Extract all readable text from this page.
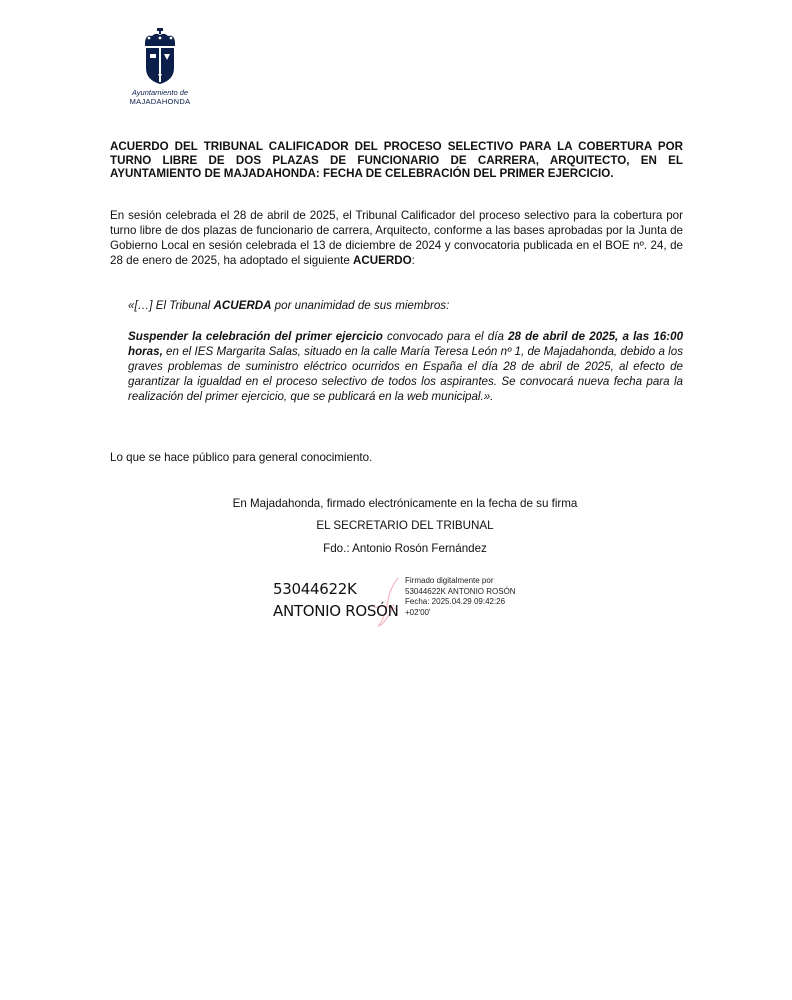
Ayuntamiento de
MAJADAHONDA
ACUERDO DEL TRIBUNAL CALIFICADOR DEL PROCESO SELECTIVO PARA LA COBERTURA POR TURNO LIBRE DE DOS PLAZAS DE FUNCIONARIO DE CARRERA, ARQUITECTO, EN EL AYUNTAMIENTO DE MAJADAHONDA: FECHA DE CELEBRACIÓN DEL PRIMER EJERCICIO.
En sesión celebrada el 28 de abril de 2025, el Tribunal Calificador del proceso selectivo para la cobertura por turno libre de dos plazas de funcionario de carrera, Arquitecto, conforme a las bases aprobadas por la Junta de Gobierno Local en sesión celebrada el 13 de diciembre de 2024 y convocatoria publicada en el BOE nº. 24, de 28 de enero de 2025, ha adoptado el siguiente ACUERDO:
«[…] El Tribunal ACUERDA por unanimidad de sus miembros:
Suspender la celebración del primer ejercicio convocado para el día 28 de abril de 2025, a las 16:00 horas, en el IES Margarita Salas, situado en la calle María Teresa León nº 1, de Majadahonda, debido a los graves problemas de suministro eléctrico ocurridos en España el día 28 de abril de 2025, al efecto de garantizar la igualdad en el proceso selectivo de todos los aspirantes. Se convocará nueva fecha para la realización del primer ejercicio, que se publicará en la web municipal.».
Lo que se hace público para general conocimiento.
En Majadahonda, firmado electrónicamente en la fecha de su firma
EL SECRETARIO DEL TRIBUNAL
Fdo.: Antonio Rosón Fernández
53044622K
ANTONIO ROSÓN
Firmado digitalmente por
53044622K ANTONIO ROSÓN
Fecha: 2025.04.29 09:42:26
+02'00'
